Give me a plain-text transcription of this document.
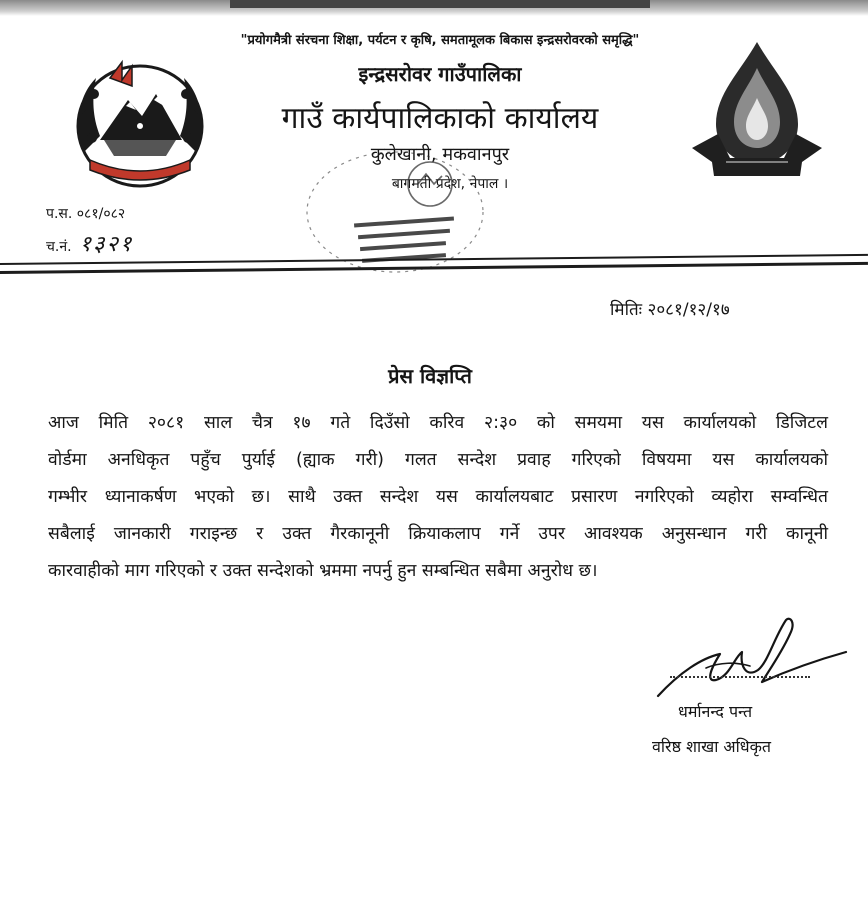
"प्रयोगमैत्री संरचना शिक्षा, पर्यटन र कृषि, समतामूलक बिकास इन्द्रसरोवरको समृद्धि"
इन्द्रसरोवर गाउँपालिका
गाउँ कार्यपालिकाको कार्यालय
कुलेखानी, मकवानपुर
बागमती प्रदेश, नेपाल ।
प.स. ०८१/०८२
च.नं. १३२१
मितिः २०८१/१२/१७
प्रेस विज्ञप्ति
आज मिति २०८१ साल चैत्र १७ गते दिउँसो करिव २:३० को समयमा यस कार्यालयको डिजिटल
वोर्डमा अनधिकृत पहुँच पुर्याई (ह्याक गरी) गलत सन्देश प्रवाह गरिएको विषयमा यस कार्यालयको
गम्भीर ध्यानाकर्षण भएको छ। साथै उक्त सन्देश यस कार्यालयबाट प्रसारण नगरिएको व्यहोरा सम्वन्धित
सबैलाई जानकारी गराइन्छ र उक्त गैरकानूनी क्रियाकलाप गर्ने उपर आवश्यक अनुसन्धान गरी कानूनी
कारवाहीको माग गरिएको र उक्त सन्देशको भ्रममा नपर्नु हुन सम्बन्धित सबैमा अनुरोध छ।
धर्मानन्द पन्त
वरिष्ठ शाखा अधिकृत
